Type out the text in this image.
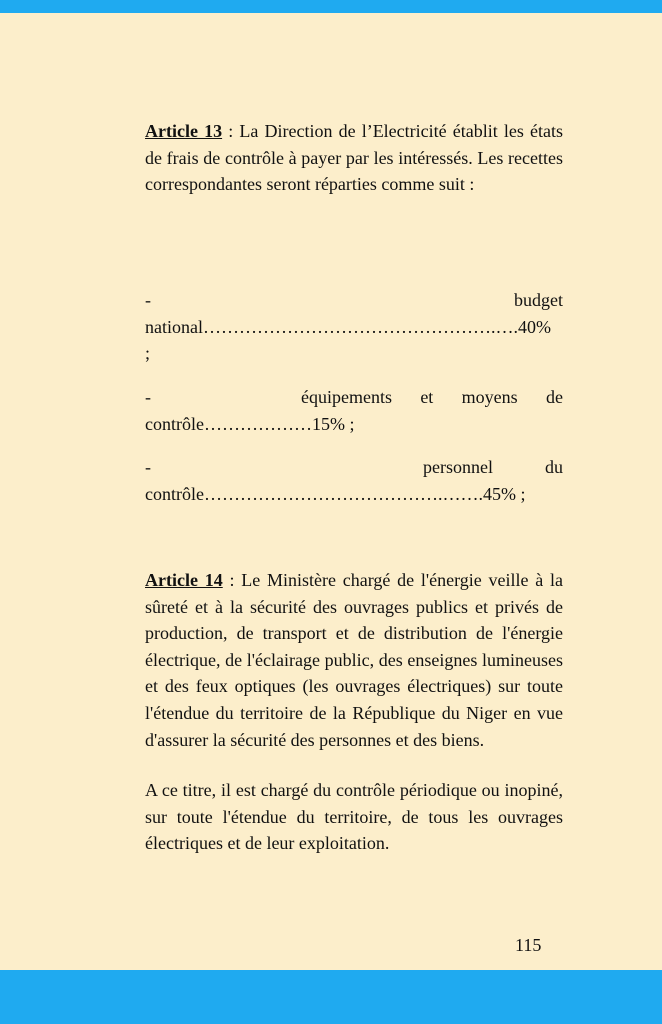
Article 13 : La Direction de l’Electricité établit les états de frais de contrôle à payer par les intéressés. Les recettes correspondantes seront réparties comme suit :

-	budget
national………………………………………….….40%
;
-	équipements et moyens de
contrôle………………15% ;
-	personnel	du
contrôle………………………………….…….45% ;

Article 14 : Le Ministère chargé de l'énergie veille à la sûreté et à la sécurité des ouvrages publics et privés de production, de transport et de distribution de l'énergie électrique, de l'éclairage public, des enseignes lumineuses et des feux optiques (les ouvrages électriques) sur toute l'étendue du territoire de la République du Niger en vue d'assurer la sécurité des personnes et des biens.

A ce titre, il est chargé du contrôle périodique ou inopiné, sur toute l'étendue du territoire, de tous les ouvrages électriques et de leur exploitation.

115
